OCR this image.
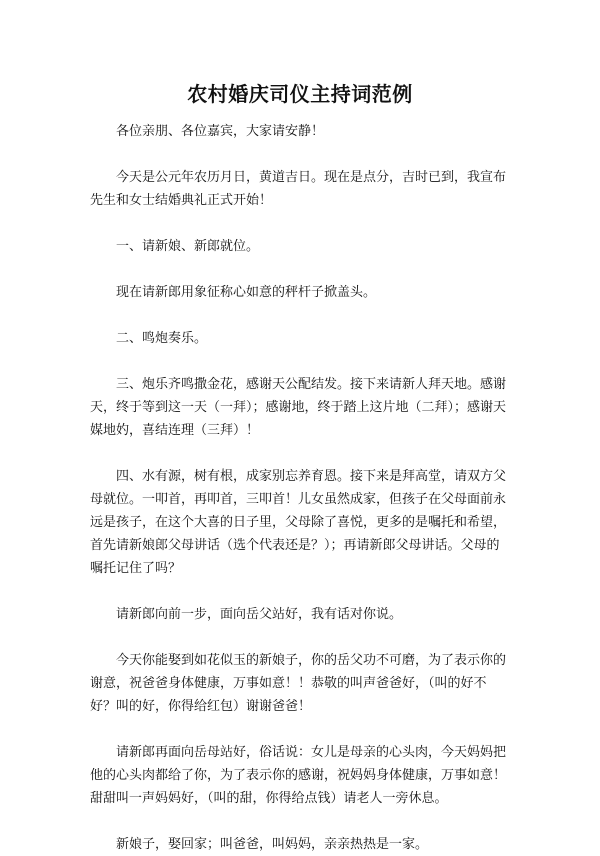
农村婚庆司仪主持词范例

各位亲朋、各位嘉宾，大家请安静！

今天是公元年农历月日，黄道吉日。现在是点分，吉时已到，我宣布先生和女士结婚典礼正式开始！

一、请新娘、新郎就位。

现在请新郎用象征称心如意的秤杆子掀盖头。

二、鸣炮奏乐。

三、炮乐齐鸣撒金花，感谢天公配结发。接下来请新人拜天地。感谢天，终于等到这一天（一拜）；感谢地，终于踏上这片地（二拜）；感谢天媒地妁，喜结连理（三拜）！

四、水有源，树有根，成家别忘养育恩。接下来是拜高堂，请双方父母就位。一叩首，再叩首，三叩首！儿女虽然成家，但孩子在父母面前永远是孩子，在这个大喜的日子里，父母除了喜悦，更多的是嘱托和希望，首先请新娘郎父母讲话（选个代表还是？）；再请新郎父母讲话。父母的嘱托记住了吗？

请新郎向前一步，面向岳父站好，我有话对你说。

今天你能娶到如花似玉的新娘子，你的岳父功不可磨，为了表示你的谢意，祝爸爸身体健康，万事如意！！恭敬的叫声爸爸好，（叫的好不好？叫的好，你得给红包）谢谢爸爸！

请新郎再面向岳母站好，俗话说：女儿是母亲的心头肉，今天妈妈把他的心头肉都给了你，为了表示你的感谢，祝妈妈身体健康，万事如意！甜甜叫一声妈妈好，（叫的甜，你得给点钱）请老人一旁休息。

新娘子，娶回家；叫爸爸，叫妈妈，亲亲热热是一家。
